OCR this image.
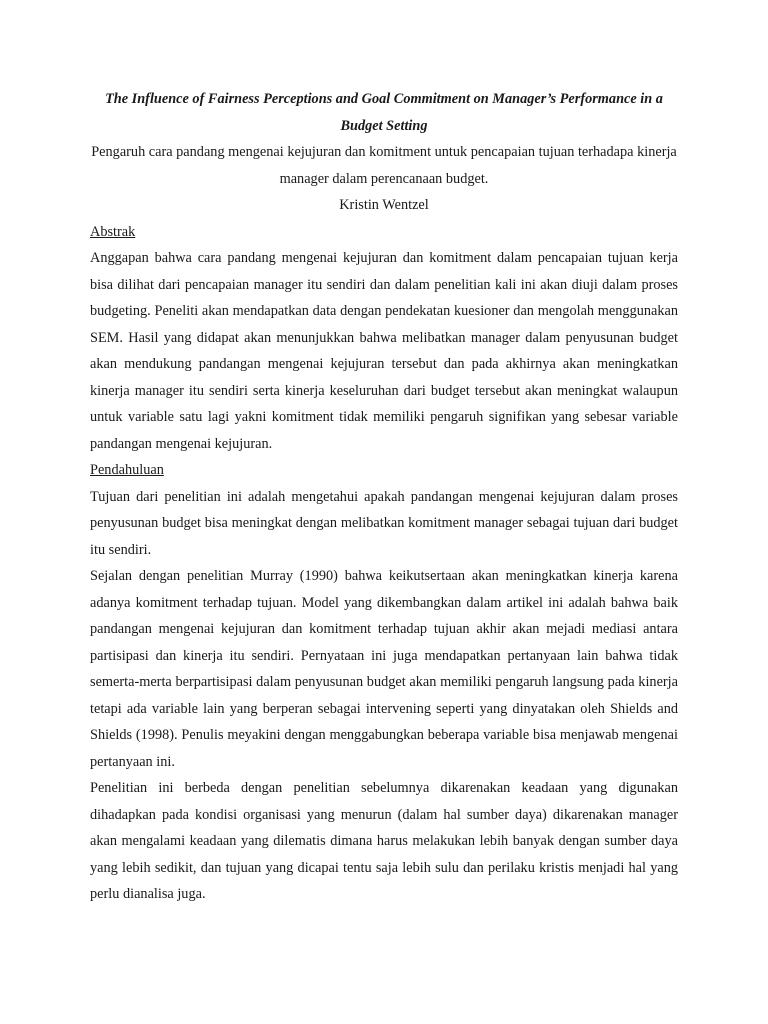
The Influence of Fairness Perceptions and Goal Commitment on Manager’s Performance in a Budget Setting

Pengaruh cara pandang mengenai kejujuran dan komitment untuk pencapaian tujuan terhadapa kinerja manager dalam perencanaan budget.

Kristin Wentzel

Abstrak

Anggapan bahwa cara pandang mengenai kejujuran dan komitment dalam pencapaian tujuan kerja bisa dilihat dari pencapaian manager itu sendiri dan dalam penelitian kali ini akan diuji dalam proses budgeting. Peneliti akan mendapatkan data dengan pendekatan kuesioner dan mengolah menggunakan SEM. Hasil yang didapat akan menunjukkan bahwa melibatkan manager dalam penyusunan budget akan mendukung pandangan mengenai kejujuran tersebut dan pada akhirnya akan meningkatkan kinerja manager itu sendiri serta kinerja keseluruhan dari budget tersebut akan meningkat walaupun untuk variable satu lagi yakni komitment tidak memiliki pengaruh signifikan yang sebesar variable pandangan mengenai kejujuran.

Pendahuluan

Tujuan dari penelitian ini adalah mengetahui apakah pandangan mengenai kejujuran dalam proses penyusunan budget bisa meningkat dengan melibatkan komitment manager sebagai tujuan dari budget itu sendiri.

Sejalan dengan penelitian Murray (1990) bahwa keikutsertaan akan meningkatkan kinerja karena adanya komitment terhadap tujuan. Model yang dikembangkan dalam artikel ini adalah bahwa baik pandangan mengenai kejujuran dan komitment terhadap tujuan akhir akan mejadi mediasi antara partisipasi dan kinerja itu sendiri. Pernyataan ini juga mendapatkan pertanyaan lain bahwa tidak semerta-merta berpartisipasi dalam penyusunan budget akan memiliki pengaruh langsung pada kinerja tetapi ada variable lain yang berperan sebagai intervening seperti yang dinyatakan oleh Shields and Shields (1998). Penulis meyakini dengan menggabungkan beberapa variable bisa menjawab mengenai pertanyaan ini.

Penelitian ini berbeda dengan penelitian sebelumnya dikarenakan keadaan yang digunakan dihadapkan pada kondisi organisasi yang menurun (dalam hal sumber daya) dikarenakan manager akan mengalami keadaan yang dilematis dimana harus melakukan lebih banyak dengan sumber daya yang lebih sedikit, dan tujuan yang dicapai tentu saja lebih sulu dan perilaku kristis menjadi hal yang perlu dianalisa juga.
